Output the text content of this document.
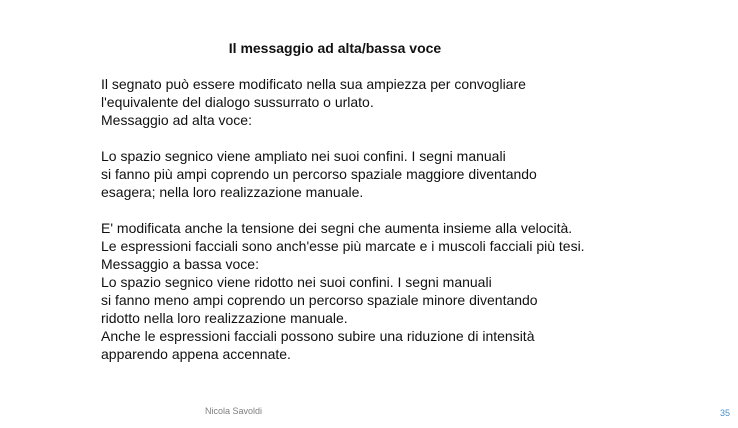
Il messaggio ad alta/bassa voce
Il segnato può essere modificato nella sua ampiezza per convogliare
l'equivalente del dialogo sussurrato o urlato.
Messaggio ad alta voce:
Lo spazio segnico viene ampliato nei suoi confini. I segni manuali
si fanno più ampi coprendo un percorso spaziale maggiore diventando
esagera; nella loro realizzazione manuale.
E' modificata anche la tensione dei segni che aumenta insieme alla velocità.
Le espressioni facciali sono anch'esse più marcate e i muscoli facciali più tesi.
Messaggio a bassa voce:
Lo spazio segnico viene ridotto nei suoi confini. I segni manuali
si fanno meno ampi coprendo un percorso spaziale minore diventando
ridotto nella loro realizzazione manuale.
Anche le espressioni facciali possono subire una riduzione di intensità
apparendo appena accennate.
Nicola Savoldi	35
